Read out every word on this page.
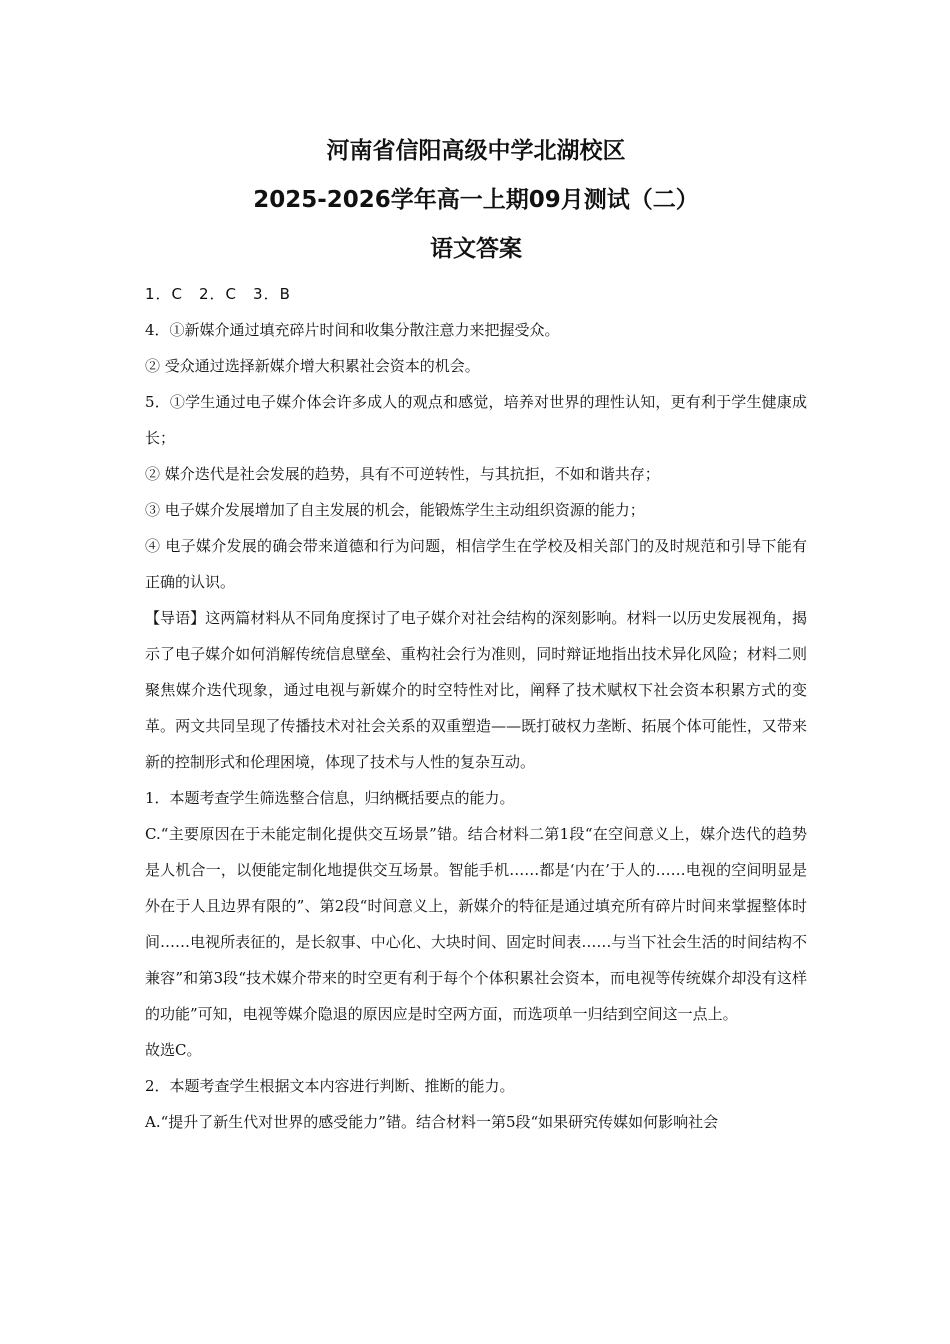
河南省信阳高级中学北湖校区
2025-2026学年高一上期09月测试（二）
语文答案

1．C　2．C　3．B

4．①新媒介通过填充碎片时间和收集分散注意力来把握受众。

② 受众通过选择新媒介增大积累社会资本的机会。

5．①学生通过电子媒介体会许多成人的观点和感觉，培养对世界的理性认知，更有利于学生健康成长；

② 媒介迭代是社会发展的趋势，具有不可逆转性，与其抗拒，不如和谐共存；

③ 电子媒介发展增加了自主发展的机会，能锻炼学生主动组织资源的能力；

④ 电子媒介发展的确会带来道德和行为问题，相信学生在学校及相关部门的及时规范和引导下能有正确的认识。

【导语】这两篇材料从不同角度探讨了电子媒介对社会结构的深刻影响。材料一以历史发展视角，揭示了电子媒介如何消解传统信息壁垒、重构社会行为准则，同时辩证地指出技术异化风险；材料二则聚焦媒介迭代现象，通过电视与新媒介的时空特性对比，阐释了技术赋权下社会资本积累方式的变革。两文共同呈现了传播技术对社会关系的双重塑造——既打破权力垄断、拓展个体可能性，又带来新的控制形式和伦理困境，体现了技术与人性的复杂互动。

1．本题考查学生筛选整合信息，归纳概括要点的能力。

C.“主要原因在于未能定制化提供交互场景”错。结合材料二第1段“在空间意义上，媒介迭代的趋势是人机合一，以便能定制化地提供交互场景。智能手机……都是‘内在’于人的……电视的空间明显是外在于人且边界有限的”、第2段“时间意义上，新媒介的特征是通过填充所有碎片时间来掌握整体时间……电视所表征的，是长叙事、中心化、大块时间、固定时间表……与当下社会生活的时间结构不兼容”和第3段“技术媒介带来的时空更有利于每个个体积累社会资本，而电视等传统媒介却没有这样的功能”可知，电视等媒介隐退的原因应是时空两方面，而选项单一归结到空间这一点上。

故选C。

2．本题考查学生根据文本内容进行判断、推断的能力。

A.“提升了新生代对世界的感受能力”错。结合材料一第5段“如果研究传媒如何影响社会
